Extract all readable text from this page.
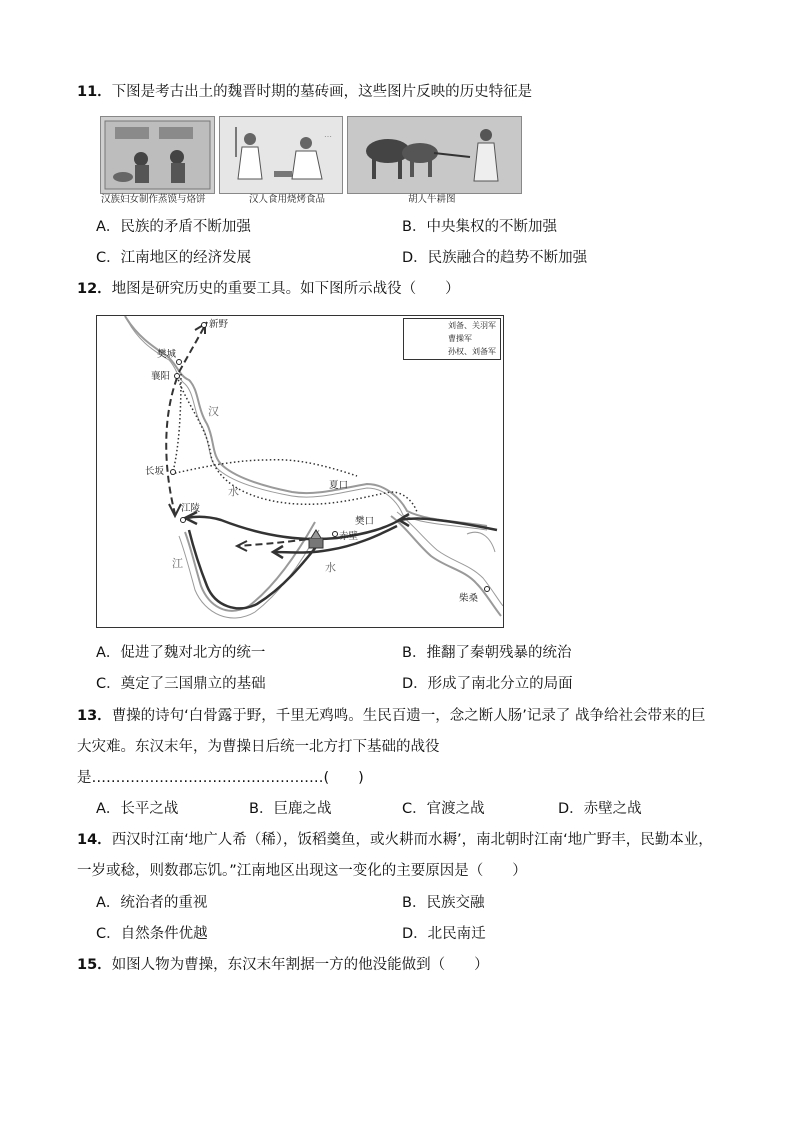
11．下图是考古出土的魏晋时期的墓砖画，这些图片反映的历史特征是
汉族妇女制作蒸馍与烙饼
…
汉人食用烧烤食品	胡人牛耕图
A．民族的矛盾不断加强	B．中央集权的不断加强
C．江南地区的经济发展	D．民族融合的趋势不断加强
12．地图是研究历史的重要工具。如下图所示战役（　　）
刘备、关羽军
曹操军
孙权、刘备军
新野
樊城
襄阳
长坂
江陵
夏口
樊口
赤壁
柴桑
汉
水
江	水
A．促进了魏对北方的统一	B．推翻了秦朝残暴的统治
C．奠定了三国鼎立的基础	D．形成了南北分立的局面
13．曹操的诗句‘白骨露于野，千里无鸡鸣。生民百遗一，念之断人肠’记录了 战争给社会带来的巨
大灾难。东汉末年，为曹操日后统一北方打下基础的战役
是…………………………………………(　　)
A．长平之战	B．巨鹿之战	C．官渡之战	D．赤壁之战
14．西汉时江南‘地广人希（稀），饭稻羹鱼，或火耕而水耨’，南北朝时江南‘地广野丰，民勤本业，
一岁或稔，则数郡忘饥。”江南地区出现这一变化的主要原因是（　　）
A．统治者的重视	B．民族交融
C．自然条件优越	D．北民南迁
15．如图人物为曹操，东汉末年割据一方的他没能做到（　　）
